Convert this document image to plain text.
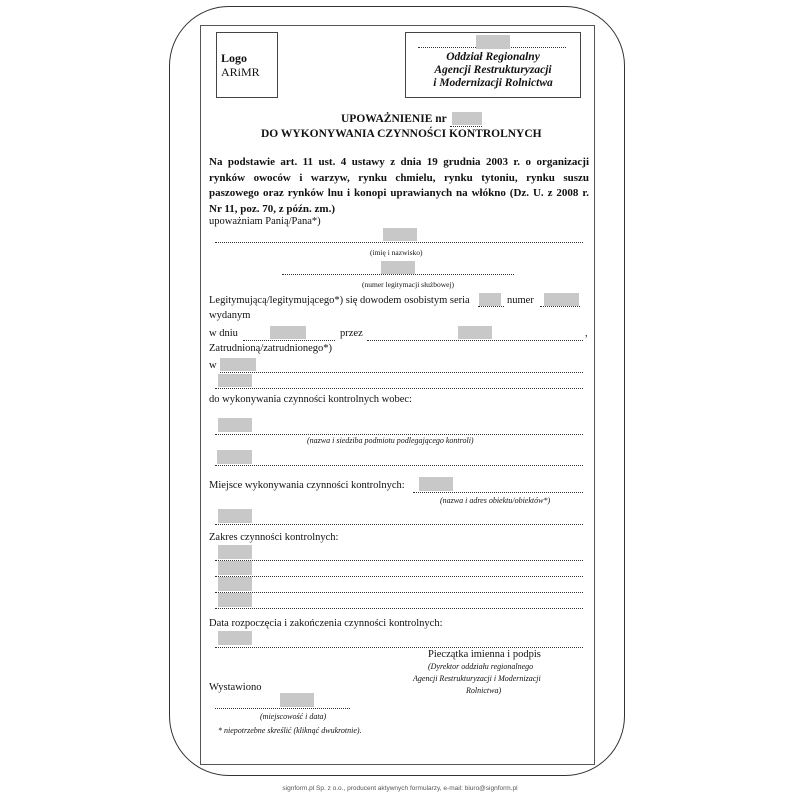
Logo
ARiMR
Oddział Regionalny
Agencji Restrukturyzacji
i Modernizacji Rolnictwa
UPOWAŻNIENIE nr
DO WYKONYWANIA CZYNNOŚCI KONTROLNYCH
Na podstawie art. 11 ust. 4 ustawy z dnia 19 grudnia 2003 r. o organizacji rynków owoców i warzyw, rynku chmielu, rynku tytoniu, rynku suszu paszowego oraz rynków lnu i konopi uprawianych na włókno (Dz. U. z 2008 r. Nr 11, poz. 70, z późn. zm.)
upoważniam Panią/Pana*)
(imię i nazwisko)
(numer legitymacji służbowej)
Legitymującą/legitymującego*) się dowodem osobistym seria	numer
wydanym
w dniu	przez	,
Zatrudnioną/zatrudnionego*)
w
do wykonywania czynności kontrolnych wobec:
(nazwa i siedziba podmiotu podlegającego kontroli)
Miejsce wykonywania czynności kontrolnych:
(nazwa i adres obiektu/obiektów*)
Zakres czynności kontrolnych:
Data rozpoczęcia i zakończenia czynności kontrolnych:
Pieczątka imienna i podpis
(Dyrektor oddziału regionalnego
Agencji Restrukturyzacji i Modernizacji
Rolnictwa)
Wystawiono
(miejscowość i data)
* niepotrzebne skreślić (kliknąć dwukrotnie).
signform.pl Sp. z o.o., producent aktywnych formularzy, e-mail: biuro@signform.pl
